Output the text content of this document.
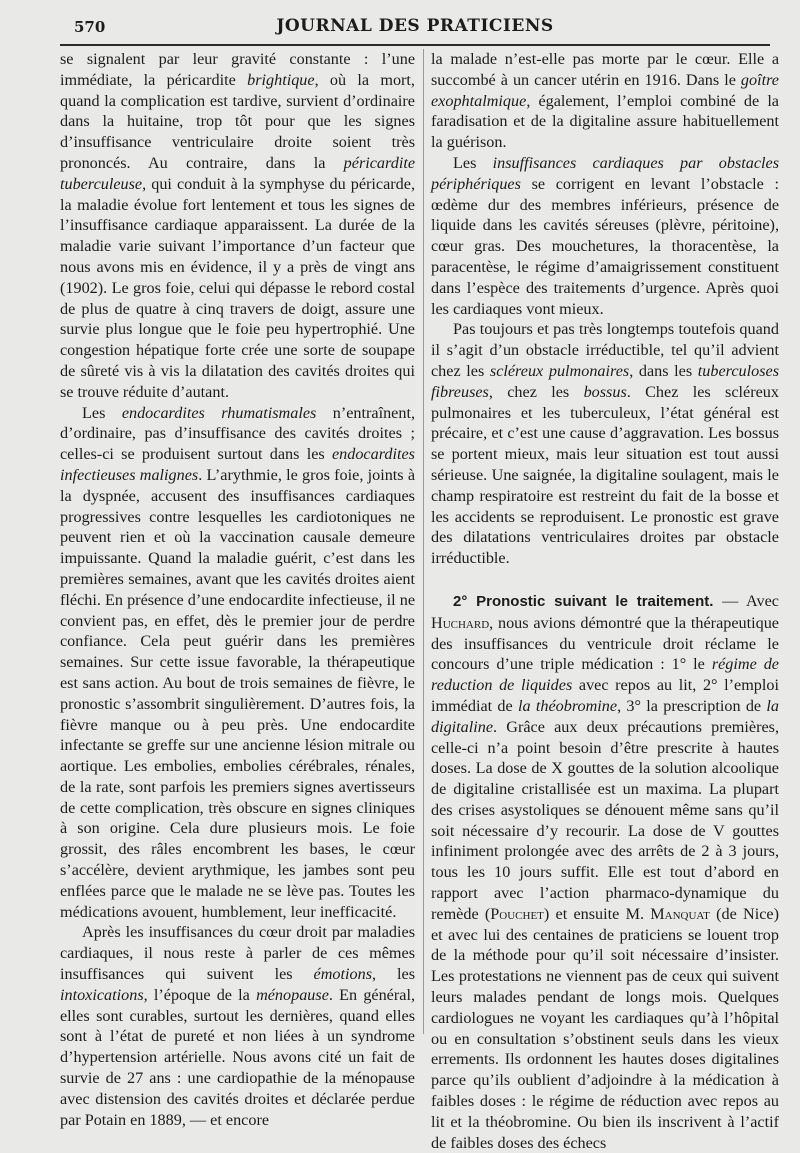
570	JOURNAL DES PRATICIENS

se signalent par leur gravité constante : l’une immédiate, la péricardite brightique, où la mort, quand la complication est tardive, survient d’ordinaire dans la huitaine, trop tôt pour que les signes d’insuffisance ventriculaire droite soient très prononcés. Au contraire, dans la péricardite tuberculeuse, qui conduit à la symphyse du péricarde, la maladie évolue fort lentement et tous les signes de l’insuffisance cardiaque apparaissent. La durée de la maladie varie suivant l’importance d’un facteur que nous avons mis en évidence, il y a près de vingt ans (1902). Le gros foie, celui qui dépasse le rebord costal de plus de quatre à cinq travers de doigt, assure une survie plus longue que le foie peu hypertrophié. Une congestion hépatique forte crée une sorte de soupape de sûreté vis à vis la dilatation des cavités droites qui se trouve réduite d’autant.

Les endocardites rhumatismales n’entraînent, d’ordinaire, pas d’insuffisance des cavités droites ; celles-ci se produisent surtout dans les endocardites infectieuses malignes. L’arythmie, le gros foie, joints à la dyspnée, accusent des insuffisances cardiaques progressives contre lesquelles les cardiotoniques ne peuvent rien et où la vaccination causale demeure impuissante. Quand la maladie guérit, c’est dans les premières semaines, avant que les cavités droites aient fléchi. En présence d’une endocardite infectieuse, il ne convient pas, en effet, dès le premier jour de perdre confiance. Cela peut guérir dans les premières semaines. Sur cette issue favorable, la thérapeutique est sans action. Au bout de trois semaines de fièvre, le pronostic s’assombrit singulièrement. D’autres fois, la fièvre manque ou à peu près. Une endocardite infectante se greffe sur une ancienne lésion mitrale ou aortique. Les embolies, embolies cérébrales, rénales, de la rate, sont parfois les premiers signes avertisseurs de cette complication, très obscure en signes cliniques à son origine. Cela dure plusieurs mois. Le foie grossit, des râles encombrent les bases, le cœur s’accélère, devient arythmique, les jambes sont peu enflées parce que le malade ne se lève pas. Toutes les médications avouent, humblement, leur inefficacité.

Après les insuffisances du cœur droit par maladies cardiaques, il nous reste à parler de ces mêmes insuffisances qui suivent les émotions, les intoxications, l’époque de la ménopause. En général, elles sont curables, surtout les dernières, quand elles sont à l’état de pureté et non liées à un syndrome d’hypertension artérielle. Nous avons cité un fait de survie de 27 ans : une cardiopathie de la ménopause avec distension des cavités droites et déclarée perdue par Potain en 1889, — et encore

la malade n’est-elle pas morte par le cœur. Elle a succombé à un cancer utérin en 1916. Dans le goître exophtalmique, également, l’emploi combiné de la faradisation et de la digitaline assure habituellement la guérison.

Les insuffisances cardiaques par obstacles périphériques se corrigent en levant l’obstacle : œdème dur des membres inférieurs, présence de liquide dans les cavités séreuses (plèvre, péritoine), cœur gras. Des mouchetures, la thoracentèse, la paracentèse, le régime d’amaigrissement constituent dans l’espèce des traitements d’urgence. Après quoi les cardiaques vont mieux.

Pas toujours et pas très longtemps toutefois quand il s’agit d’un obstacle irréductible, tel qu’il advient chez les scléreux pulmonaires, dans les tuberculoses fibreuses, chez les bossus. Chez les scléreux pulmonaires et les tuberculeux, l’état général est précaire, et c’est une cause d’aggravation. Les bossus se portent mieux, mais leur situation est tout aussi sérieuse. Une saignée, la digitaline soulagent, mais le champ respiratoire est restreint du fait de la bosse et les accidents se reproduisent. Le pronostic est grave des dilatations ventriculaires droites par obstacle irréductible.

2° Pronostic suivant le traitement. — Avec Huchard, nous avions démontré que la thérapeutique des insuffisances du ventricule droit réclame le concours d’une triple médication : 1° le régime de reduction de liquides avec repos au lit, 2° l’emploi immédiat de la théobromine, 3° la prescription de la digitaline. Grâce aux deux précautions premières, celle-ci n’a point besoin d’être prescrite à hautes doses. La dose de X gouttes de la solution alcoolique de digitaline cristallisée est un maxima. La plupart des crises asystoliques se dénouent même sans qu’il soit nécessaire d’y recourir. La dose de V gouttes infiniment prolongée avec des arrêts de 2 à 3 jours, tous les 10 jours suffit. Elle est tout d’abord en rapport avec l’action pharmaco-dynamique du remède (Pouchet) et ensuite M. Manquat (de Nice) et avec lui des centaines de praticiens se louent trop de la méthode pour qu’il soit nécessaire d’insister. Les protestations ne viennent pas de ceux qui suivent leurs malades pendant de longs mois. Quelques cardiologues ne voyant les cardiaques qu’à l’hôpital ou en consultation s’obstinent seuls dans les vieux errements. Ils ordonnent les hautes doses digitalines parce qu’ils oublient d’adjoindre à la médication à faibles doses : le régime de réduction avec repos au lit et la théobromine. Ou bien ils inscrivent à l’actif de faibles doses des échecs
